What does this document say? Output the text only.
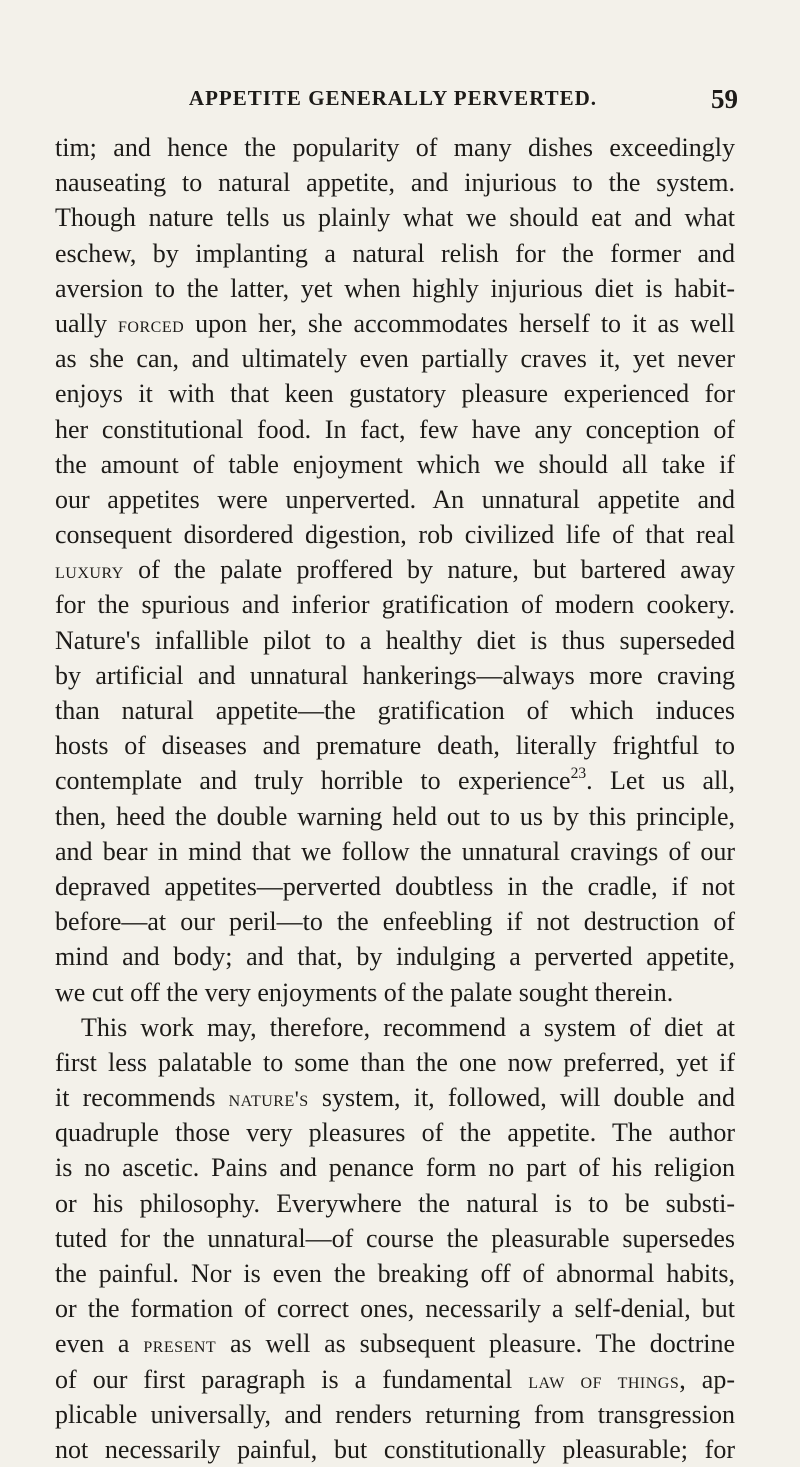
APPETITE GENERALLY PERVERTED.	59
tim; and hence the popularity of many dishes exceedingly
nauseating to natural appetite, and injurious to the system.
Though nature tells us plainly what we should eat and what
eschew, by implanting a natural relish for the former and
aversion to the latter, yet when highly injurious diet is habit-
ually forced upon her, she accommodates herself to it as well
as she can, and ultimately even partially craves it, yet never
enjoys it with that keen gustatory pleasure experienced for
her constitutional food. In fact, few have any conception of
the amount of table enjoyment which we should all take if
our appetites were unperverted. An unnatural appetite and
consequent disordered digestion, rob civilized life of that real
luxury of the palate proffered by nature, but bartered away
for the spurious and inferior gratification of modern cookery.
Nature's infallible pilot to a healthy diet is thus superseded
by artificial and unnatural hankerings—always more craving
than natural appetite—the gratification of which induces
hosts of diseases and premature death, literally frightful to
contemplate and truly horrible to experience$^{23}$. Let us all,
then, heed the double warning held out to us by this principle,
and bear in mind that we follow the unnatural cravings of our
depraved appetites—perverted doubtless in the cradle, if not
before—at our peril—to the enfeebling if not destruction of
mind and body; and that, by indulging a perverted appetite,
we cut off the very enjoyments of the palate sought therein.
This work may, therefore, recommend a system of diet at
first less palatable to some than the one now preferred, yet if
it recommends nature's system, it, followed, will double and
quadruple those very pleasures of the appetite. The author
is no ascetic. Pains and penance form no part of his religion
or his philosophy. Everywhere the natural is to be substi-
tuted for the unnatural—of course the pleasurable supersedes
the painful. Nor is even the breaking off of abnormal habits,
or the formation of correct ones, necessarily a self-denial, but
even a present as well as subsequent pleasure. The doctrine
of our first paragraph is a fundamental law of things, ap-
plicable universally, and renders returning from transgression
not necessarily painful, but constitutionally pleasurable; for
